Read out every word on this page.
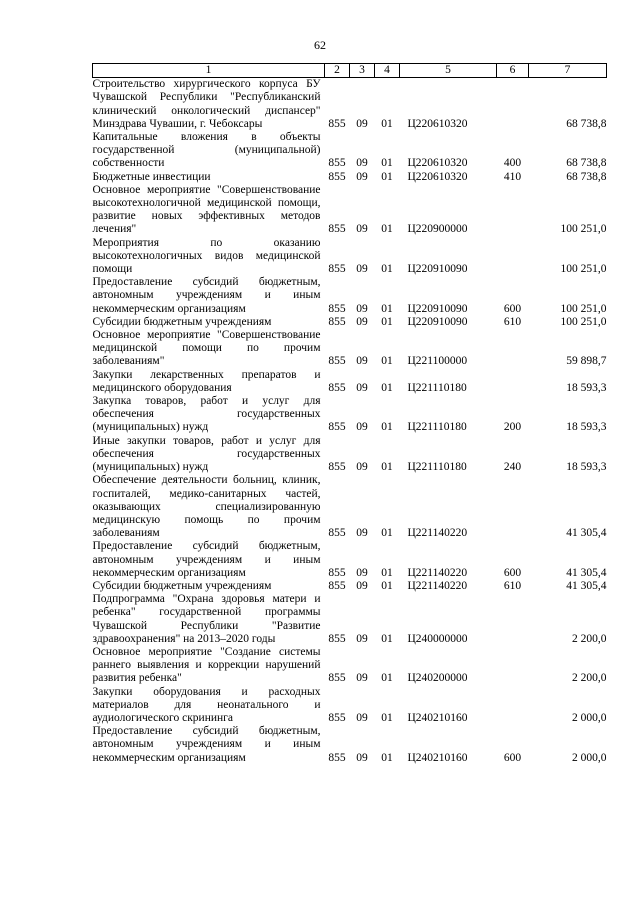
62
1	2	3	4	5	6	7
Строительство хирургического корпуса БУ Чувашской Республики "Республиканский клинический онкологический диспансер" Минздрава Чувашии, г. Чебоксары	855	09	01	Ц220610320		68 738,8
Капитальные вложения в объекты государственной (муниципальной) собственности	855	09	01	Ц220610320	400	68 738,8
Бюджетные инвестиции	855	09	01	Ц220610320	410	68 738,8
Основное мероприятие "Совершенствование высокотехнологичной медицинской помощи, развитие новых эффективных методов лечения"	855	09	01	Ц220900000		100 251,0
Мероприятия по оказанию высокотехнологичных видов медицинской помощи	855	09	01	Ц220910090		100 251,0
Предоставление субсидий бюджетным, автономным учреждениям и иным некоммерческим организациям	855	09	01	Ц220910090	600	100 251,0
Субсидии бюджетным учреждениям	855	09	01	Ц220910090	610	100 251,0
Основное мероприятие "Совершенствование медицинской помощи по прочим заболеваниям"	855	09	01	Ц221100000		59 898,7
Закупки лекарственных препаратов и медицинского оборудования	855	09	01	Ц221110180		18 593,3
Закупка товаров, работ и услуг для обеспечения государственных (муниципальных) нужд	855	09	01	Ц221110180	200	18 593,3
Иные закупки товаров, работ и услуг для обеспечения государственных (муниципальных) нужд	855	09	01	Ц221110180	240	18 593,3
Обеспечение деятельности больниц, клиник, госпиталей, медико-санитарных частей, оказывающих специализированную медицинскую помощь по прочим заболеваниям	855	09	01	Ц221140220		41 305,4
Предоставление субсидий бюджетным, автономным учреждениям и иным некоммерческим организациям	855	09	01	Ц221140220	600	41 305,4
Субсидии бюджетным учреждениям	855	09	01	Ц221140220	610	41 305,4
Подпрограмма "Охрана здоровья матери и ребенка" государственной программы Чувашской Республики "Развитие здравоохранения" на 2013–2020 годы	855	09	01	Ц240000000		2 200,0
Основное мероприятие "Создание системы раннего выявления и коррекции нарушений развития ребенка"	855	09	01	Ц240200000		2 200,0
Закупки оборудования и расходных материалов для неонатального и аудиологического скрининга	855	09	01	Ц240210160		2 000,0
Предоставление субсидий бюджетным, автономным учреждениям и иным некоммерческим организациям	855	09	01	Ц240210160	600	2 000,0
